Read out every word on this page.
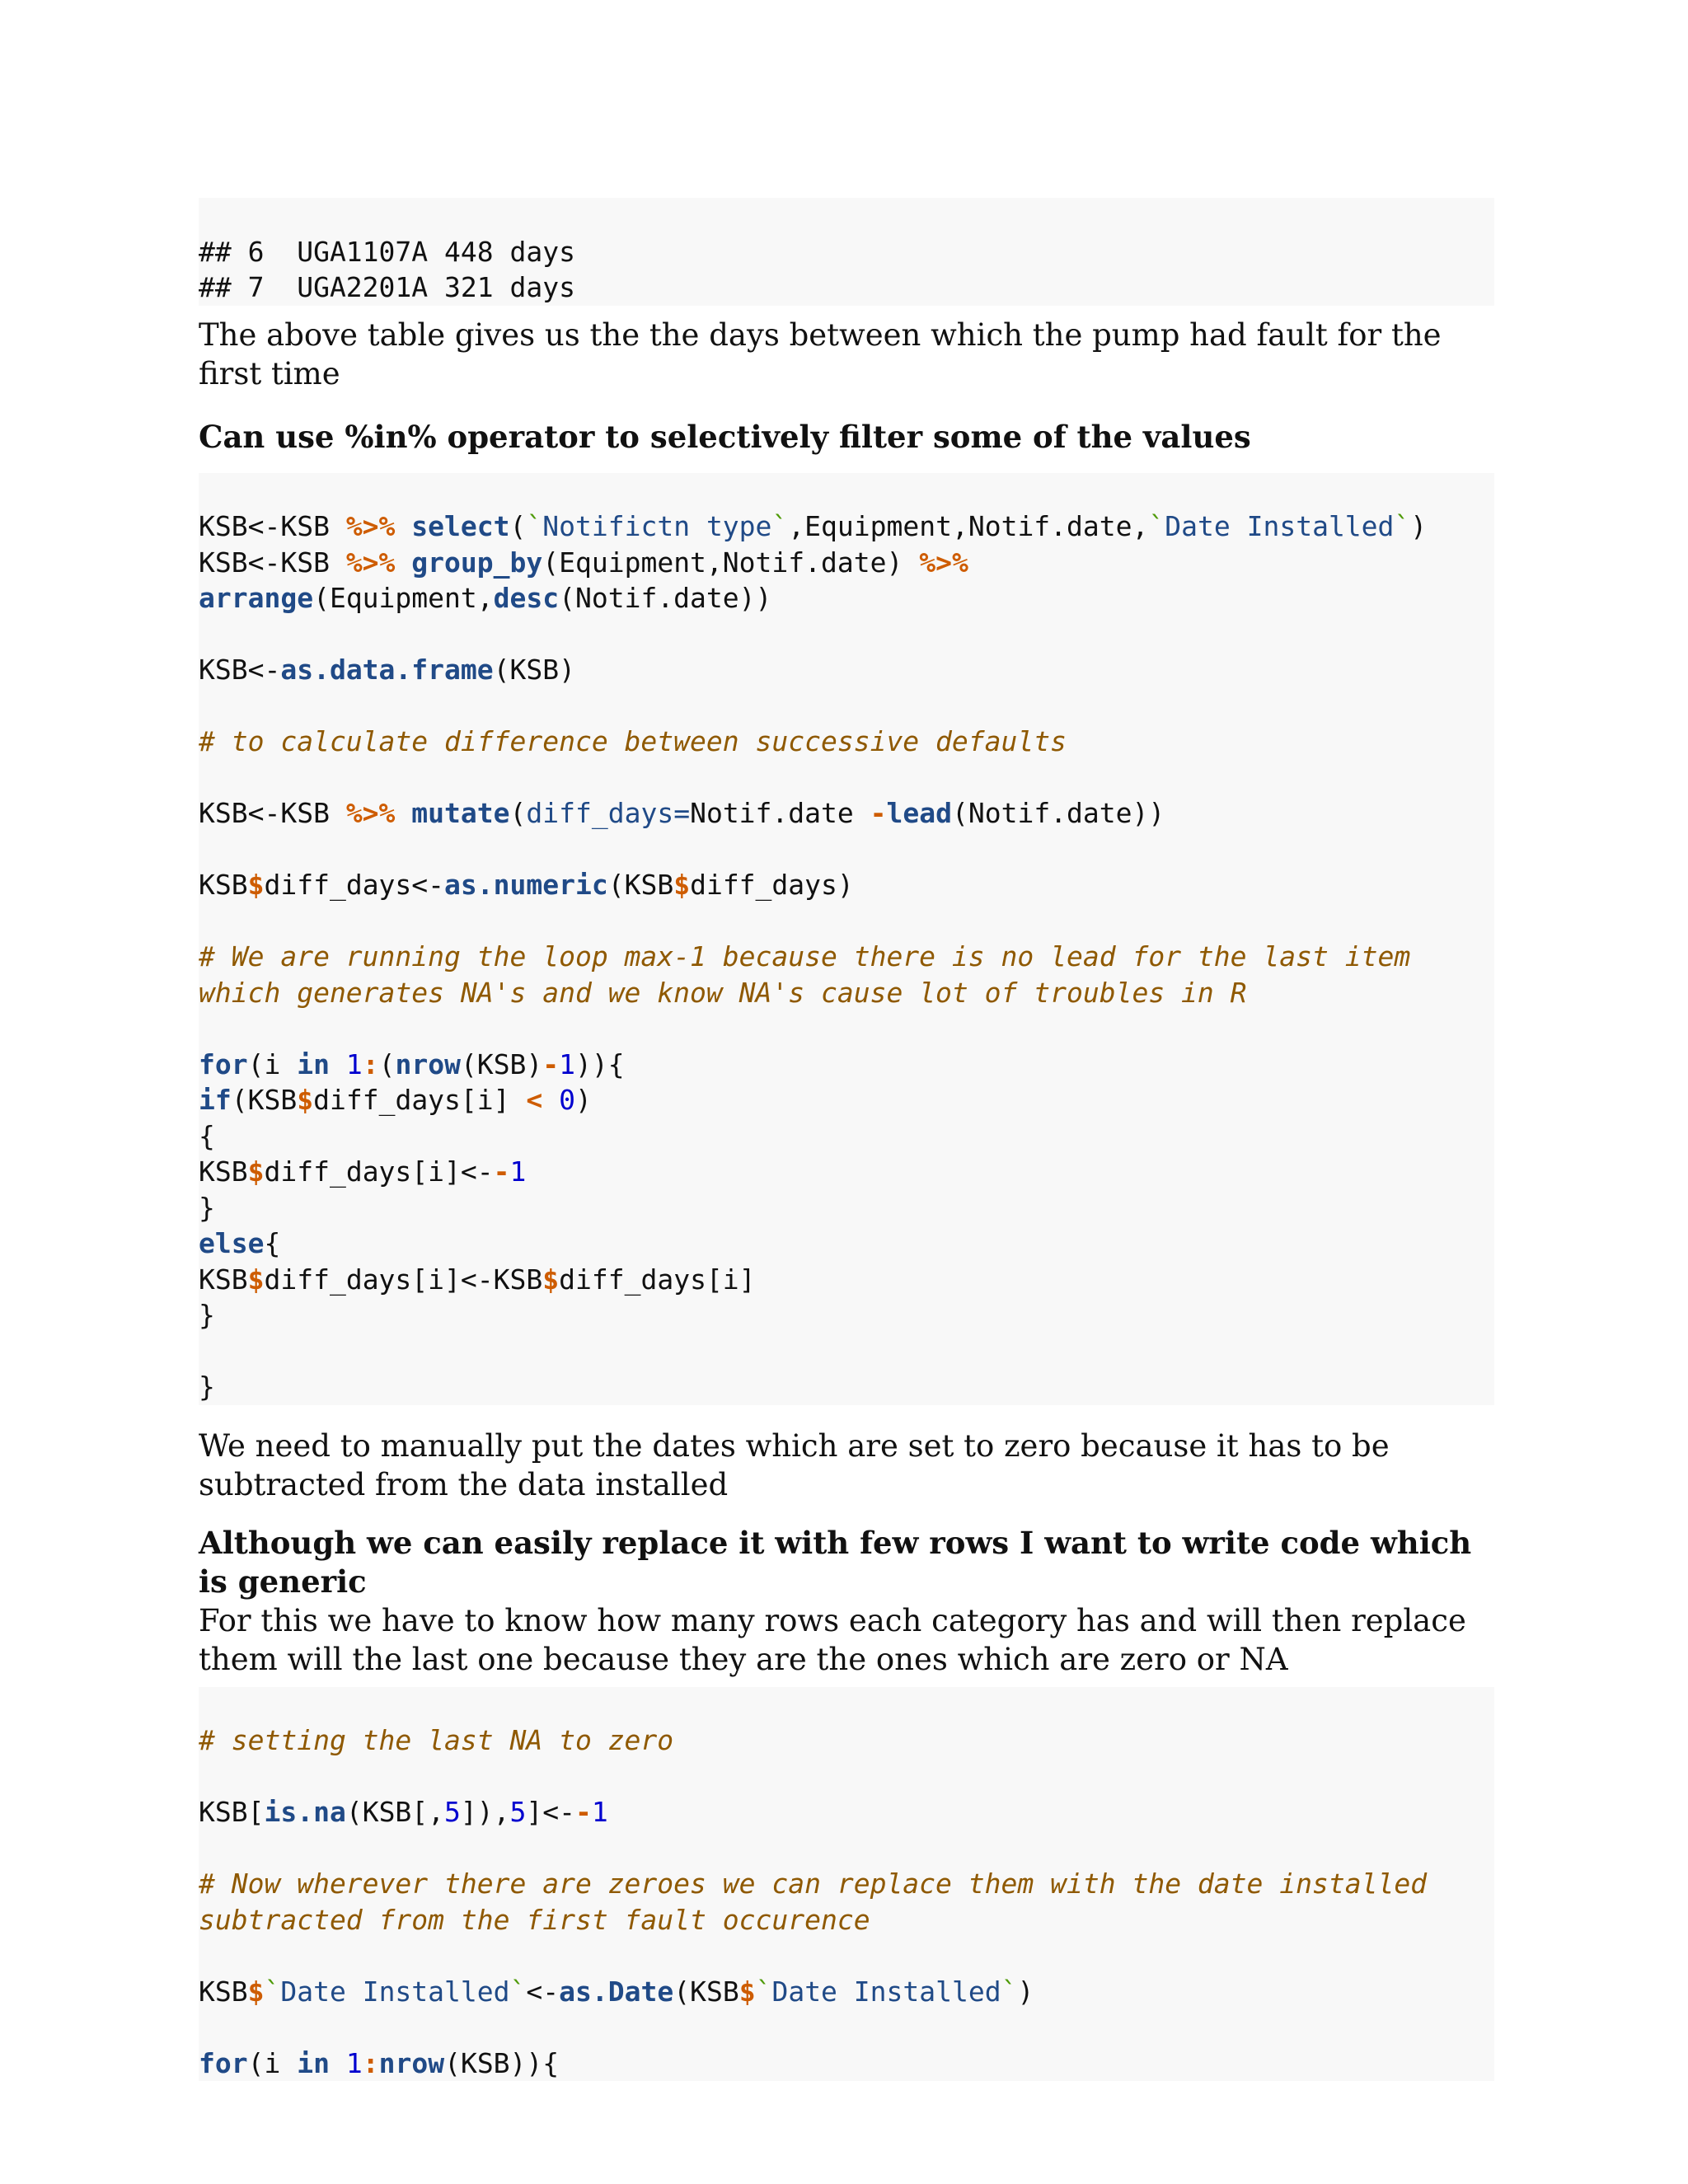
## 6  UGA1107A 448 days
## 7  UGA2201A 321 days

The above table gives us the the days between which the pump had fault for the first time

Can use %in% operator to selectively filter some of the values

KSB<-KSB %>% select(`Notifictn type`,Equipment,Notif.date,`Date Installed`)
KSB<-KSB %>% group_by(Equipment,Notif.date) %>%
arrange(Equipment,desc(Notif.date))
KSB<-as.data.frame(KSB)
# to calculate difference between successive defaults
KSB<-KSB %>% mutate(diff_days=Notif.date -lead(Notif.date))
KSB$diff_days<-as.numeric(KSB$diff_days)
# We are running the loop max-1 because there is no lead for the last item
which generates NA's and we know NA's cause lot of troubles in R
for(i in 1:(nrow(KSB)-1)){
if(KSB$diff_days[i] < 0)
{
KSB$diff_days[i]<--1
}
else{
KSB$diff_days[i]<-KSB$diff_days[i]
}
}

We need to manually put the dates which are set to zero because it has to be subtracted from the data installed

Although we can easily replace it with few rows I want to write code which is generic

For this we have to know how many rows each category has and will then replace them will the last one because they are the ones which are zero or NA

# setting the last NA to zero
KSB[is.na(KSB[,5]),5]<--1
# Now wherever there are zeroes we can replace them with the date installed
subtracted from the first fault occurence
KSB$`Date Installed`<-as.Date(KSB$`Date Installed`)
for(i in 1:nrow(KSB)){
